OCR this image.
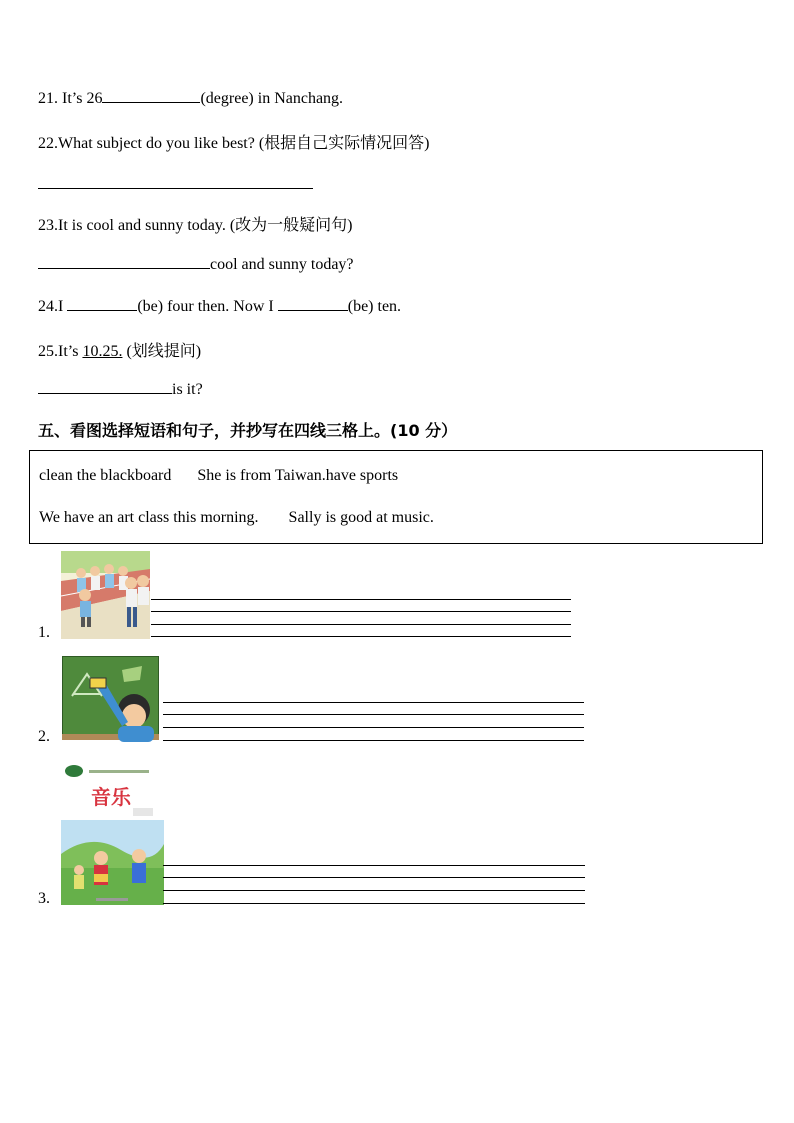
21. It’s 26	(degree) in Nanchang.
22.What subject do you like best? (根据自己实际情况回答)
23.It is cool and sunny today. (改为一般疑问句)
cool and sunny today?
24.I	(be) four then. Now I	(be) ten.
25.It’s 10.25. (划线提问)
is it?
五、看图选择短语和句子，并抄写在四线三格上。(10 分）
clean the blackboard She is from Taiwan.have sports
We have an art class this morning. Sally is good at music.
1.
2.
3.
音乐
